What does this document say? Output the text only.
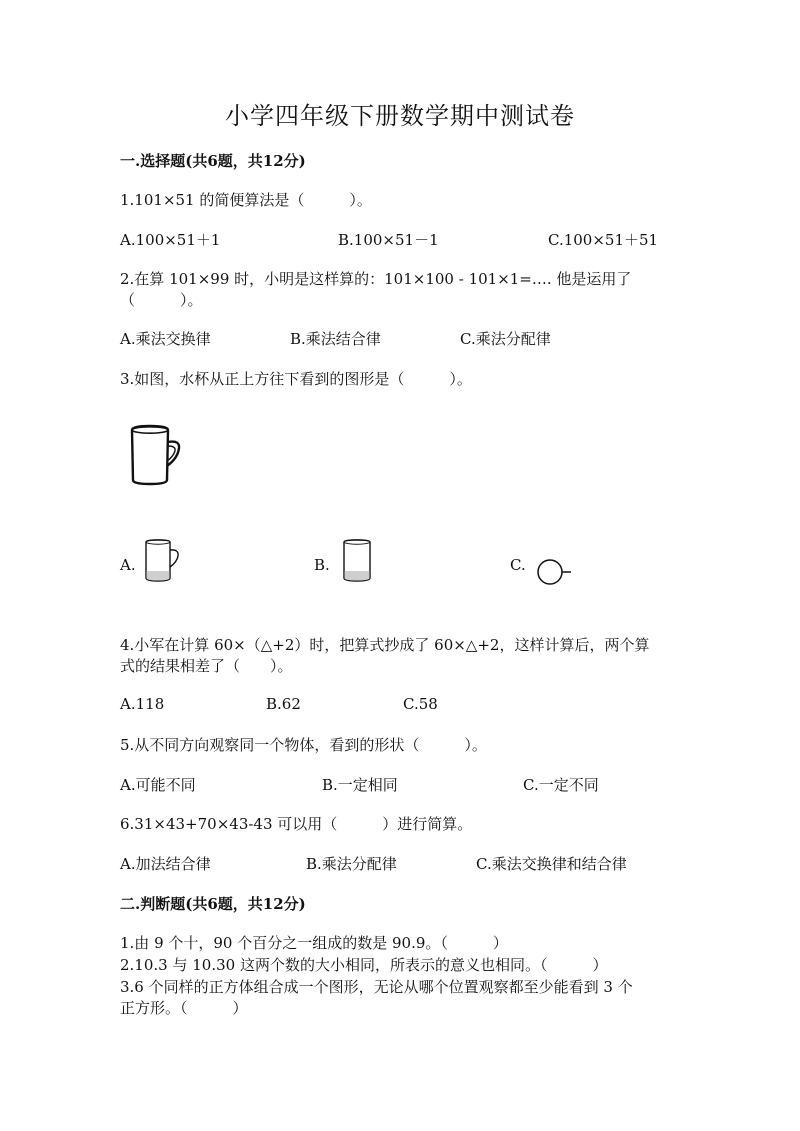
小学四年级下册数学期中测试卷
一.选择题(共6题，共12分)
1.101×51 的简便算法是（　　　）。
A.100×51＋1	B.100×51－1	C.100×51＋51
2.在算 101×99 时，小明是这样算的：101×100 - 101×1=…. 他是运用了
（　　　）。
A.乘法交换律	B.乘法结合律	C.乘法分配律
3.如图，水杯从正上方往下看到的图形是（　　　）。
A.	B.	C.
4.小军在计算 60×（△+2）时，把算式抄成了 60×△+2，这样计算后，两个算
式的结果相差了（　　）。
A.118	B.62	C.58
5.从不同方向观察同一个物体，看到的形状（　　　）。
A.可能不同	B.一定相同	C.一定不同
6.31×43+70×43-43 可以用（　　　）进行简算。
A.加法结合律	B.乘法分配律	C.乘法交换律和结合律
二.判断题(共6题，共12分)
1.由 9 个十，90 个百分之一组成的数是 90.9。（　　　）
2.10.3 与 10.30 这两个数的大小相同，所表示的意义也相同。（　　　）
3.6 个同样的正方体组合成一个图形，无论从哪个位置观察都至少能看到 3 个
正方形。（　　　）
